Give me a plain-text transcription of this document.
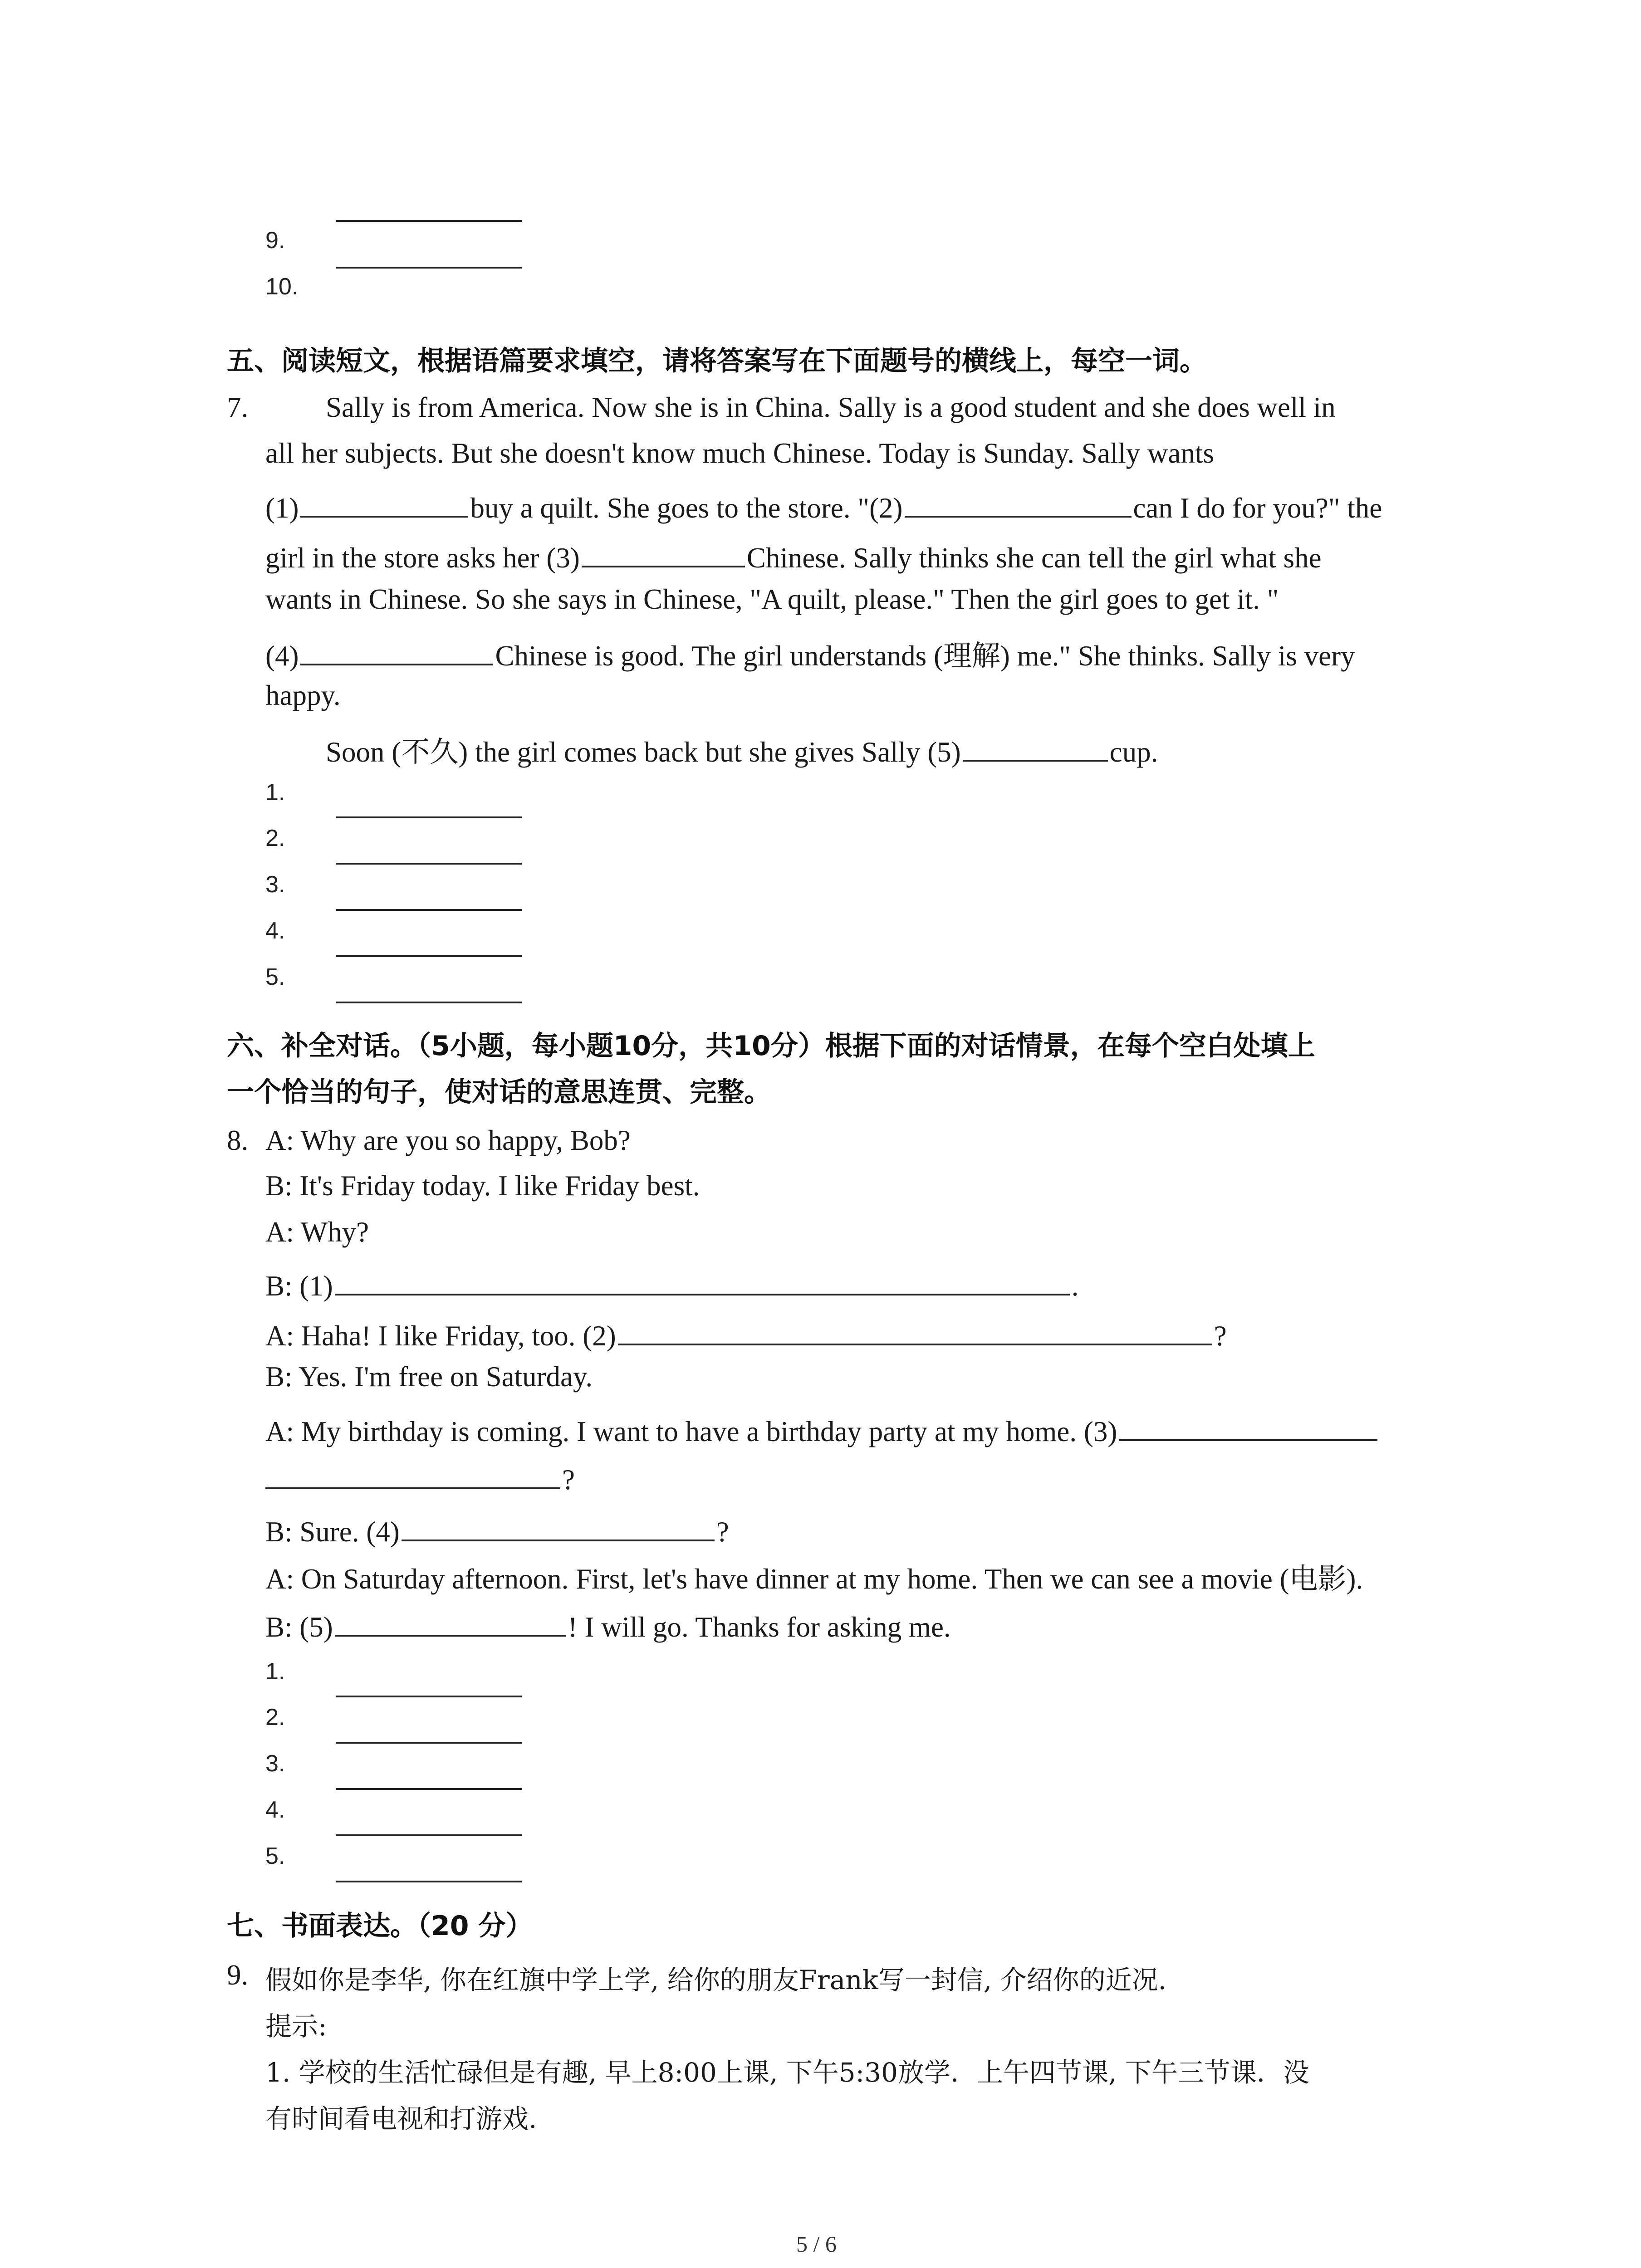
9.
10.
五、阅读短文，根据语篇要求填空，请将答案写在下面题号的横线上，每空一词。
7.	Sally is from America. Now she is in China. Sally is a good student and she does well in
all her subjects. But she doesn't know much Chinese. Today is Sunday. Sally wants
(1)	buy a quilt. She goes to the store. "(2)	can I do for you?" the
girl in the store asks her (3)	Chinese. Sally thinks she can tell the girl what she
wants in Chinese. So she says in Chinese, "A quilt, please." Then the girl goes to get it. "
(4)	Chinese is good. The girl understands (理解) me." She thinks. Sally is very
happy.
Soon (不久) the girl comes back but she gives Sally (5)	cup.
1.
2.
3.
4.
5.
六、补全对话。（5小题，每小题10分，共10分）根据下面的对话情景，在每个空白处填上
一个恰当的句子，使对话的意思连贯、完整。
8. A: Why are you so happy, Bob?
B: It's Friday today. I like Friday best.
A: Why?
B: (1)	.
A: Haha! I like Friday, too. (2)	?
B: Yes. I'm free on Saturday.
A: My birthday is coming. I want to have a birthday party at my home. (3)
?
B: Sure. (4)	?
A: On Saturday afternoon. First, let's have dinner at my home. Then we can see a movie (电影).
B: (5)	! I will go. Thanks for asking me.
1.
2.
3.
4.
5.
七、书面表达。（20 分）
9. 假如你是李华, 你在红旗中学上学, 给你的朋友Frank写一封信, 介绍你的近况.
提示:
1. 学校的生活忙碌但是有趣, 早上8:00上课, 下午5:30放学．上午四节课, 下午三节课．没
有时间看电视和打游戏.
5 / 6
